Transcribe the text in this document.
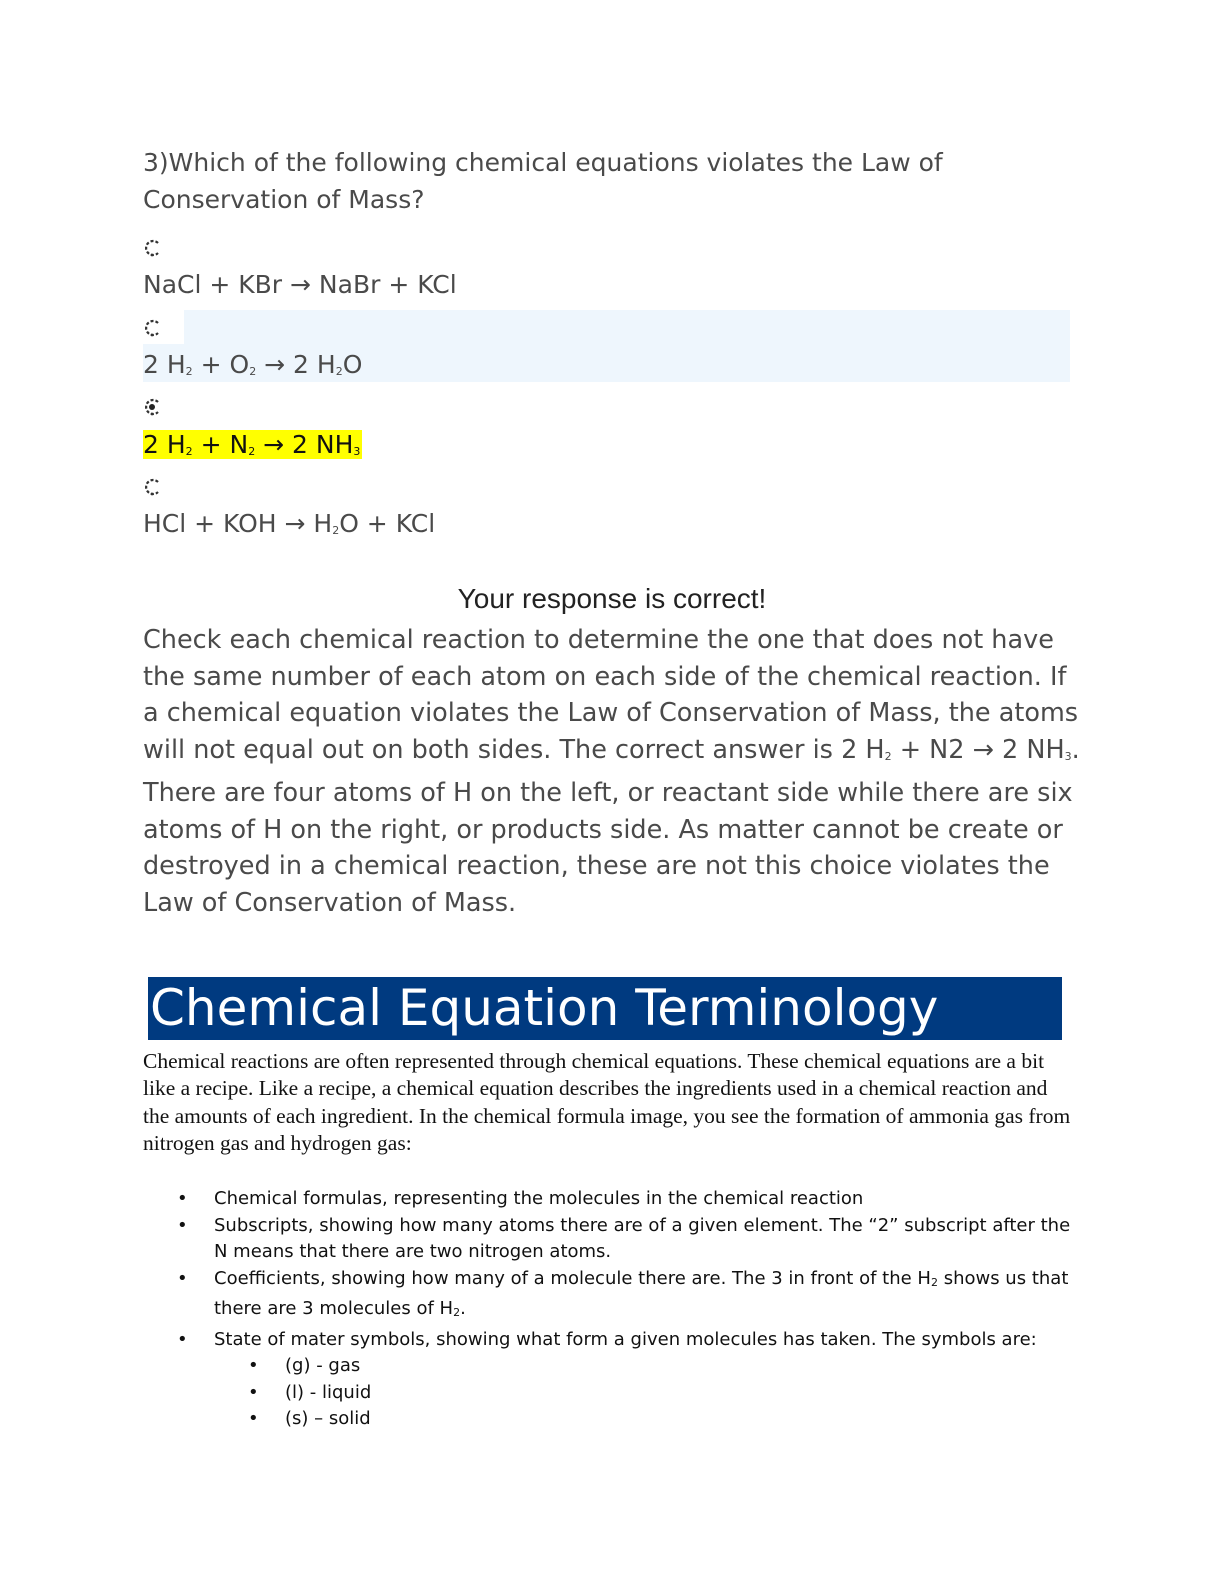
3)Which of the following chemical equations violates the Law of Conservation of Mass?
NaCl + KBr → NaBr + KCl
2 $H_2 + O_2 \to 2$ $H_2O$
2 $H_2 + N_2 \to 2$ $NH_3$
HCl + KOH → $H_2O$ + KCl
Your response is correct!
Check each chemical reaction to determine the one that does not have the same number of each atom on each side of the chemical reaction. If a chemical equation violates the Law of Conservation of Mass, the atoms will not equal out on both sides. The correct answer is 2 $H_2 + N2 \to 2$ $NH_3$. There are four atoms of H on the left, or reactant side while there are six atoms of H on the right, or products side. As matter cannot be create or destroyed in a chemical reaction, these are not this choice violates the Law of Conservation of Mass.
Chemical Equation Terminology
Chemical reactions are often represented through chemical equations. These chemical equations are a bit like a recipe. Like a recipe, a chemical equation describes the ingredients used in a chemical reaction and the amounts of each ingredient. In the chemical formula image, you see the formation of ammonia gas from nitrogen gas and hydrogen gas:
• Chemical formulas, representing the molecules in the chemical reaction
• Subscripts, showing how many atoms there are of a given element. The “2” subscript after the N means that there are two nitrogen atoms.
• Coefficients, showing how many of a molecule there are. The 3 in front of the $H_2$ shows us that there are 3 molecules of $H_2$.
• State of mater symbols, showing what form a given molecules has taken. The symbols are:
• (g) - gas
• (l) - liquid
• (s) – solid
